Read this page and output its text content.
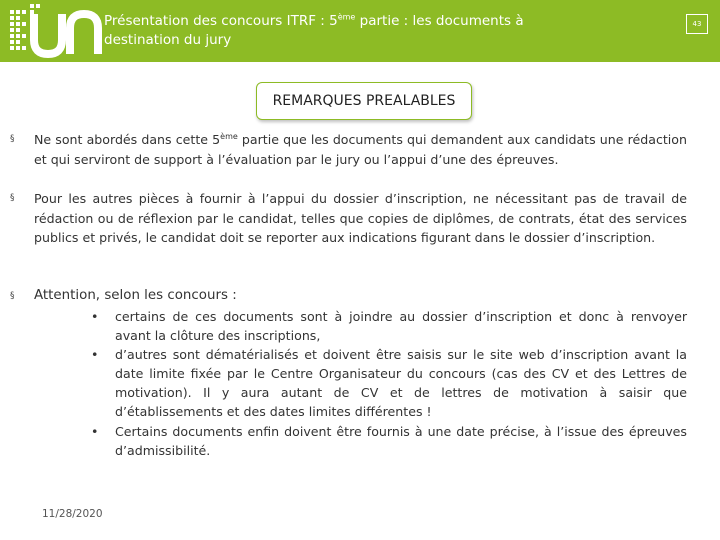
Présentation des concours ITRF : 5ème partie : les documents à destination du jury
43
REMARQUES PREALABLES
§ Ne sont abordés dans cette 5ème partie que les documents qui demandent aux candidats une rédaction et qui serviront de support à l’évaluation par le jury ou l’appui d’une des épreuves.
§ Pour les autres pièces à fournir à l’appui du dossier d’inscription, ne nécessitant pas de travail de rédaction ou de réflexion par le candidat, telles que copies de diplômes, de contrats, état des services publics et privés, le candidat doit se reporter aux indications figurant dans le dossier d’inscription.
§ Attention, selon les concours :
• certains de ces documents sont à joindre au dossier d’inscription et donc à renvoyer avant la clôture des inscriptions,
• d’autres sont dématérialisés et doivent être saisis sur le site web d’inscription avant la date limite fixée par le Centre Organisateur du concours (cas des CV et des Lettres de motivation). Il y aura autant de CV et de lettres de motivation à saisir que d’établissements et des dates limites différentes !
• Certains documents enfin doivent être fournis à une date précise, à l’issue des épreuves d’admissibilité.
11/28/2020
